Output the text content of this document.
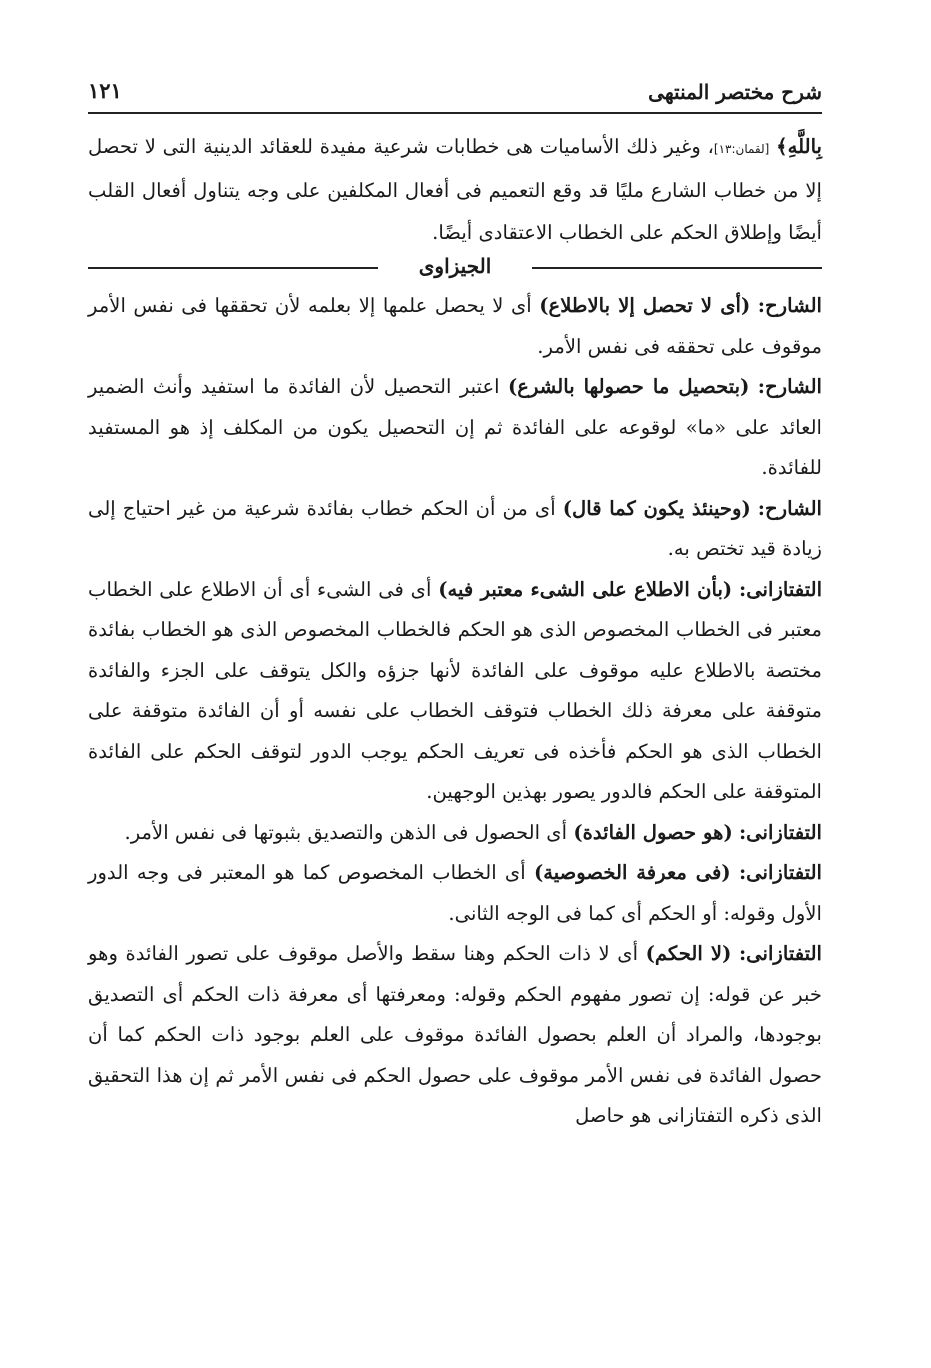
شرح مختصر المنتهى
١٢١

بِاللَّهِ﴾ [لقمان:١٣]، وغير ذلك الأساميات هى خطابات شرعية مفيدة للعقائد الدينية التى لا تحصل إلا من خطاب الشارع مليًا قد وقع التعميم فى أفعال المكلفين على وجه يتناول أفعال القلب أيضًا وإطلاق الحكم على الخطاب الاعتقادى أيضًا.

الجيزاوى

الشارح: (أى لا تحصل إلا بالاطلاع) أى لا يحصل علمها إلا بعلمه لأن تحققها فى نفس الأمر موقوف على تحققه فى نفس الأمر.

الشارح: (بتحصيل ما حصولها بالشرع) اعتبر التحصيل لأن الفائدة ما استفيد وأنث الضمير العائد على «ما» لوقوعه على الفائدة ثم إن التحصيل يكون من المكلف إذ هو المستفيد للفائدة.

الشارح: (وحينئذ يكون كما قال) أى من أن الحكم خطاب بفائدة شرعية من غير احتياج إلى زيادة قيد تختص به.

التفتازانى: (بأن الاطلاع على الشىء معتبر فيه) أى فى الشىء أى أن الاطلاع على الخطاب معتبر فى الخطاب المخصوص الذى هو الحكم فالخطاب المخصوص الذى هو الخطاب بفائدة مختصة بالاطلاع عليه موقوف على الفائدة لأنها جزؤه والكل يتوقف على الجزء والفائدة متوقفة على معرفة ذلك الخطاب فتوقف الخطاب على نفسه أو أن الفائدة متوقفة على الخطاب الذى هو الحكم فأخذه فى تعريف الحكم يوجب الدور لتوقف الحكم على الفائدة المتوقفة على الحكم فالدور يصور بهذين الوجهين.

التفتازانى: (هو حصول الفائدة) أى الحصول فى الذهن والتصديق بثبوتها فى نفس الأمر.

التفتازانى: (فى معرفة الخصوصية) أى الخطاب المخصوص كما هو المعتبر فى وجه الدور الأول وقوله: أو الحكم أى كما فى الوجه الثانى.

التفتازانى: (لا الحكم) أى لا ذات الحكم وهنا سقط والأصل موقوف على تصور الفائدة وهو خبر عن قوله: إن تصور مفهوم الحكم وقوله: ومعرفتها أى معرفة ذات الحكم أى التصديق بوجودها، والمراد أن العلم بحصول الفائدة موقوف على العلم بوجود ذات الحكم كما أن حصول الفائدة فى نفس الأمر موقوف على حصول الحكم فى نفس الأمر ثم إن هذا التحقيق الذى ذكره التفتازانى هو حاصل
